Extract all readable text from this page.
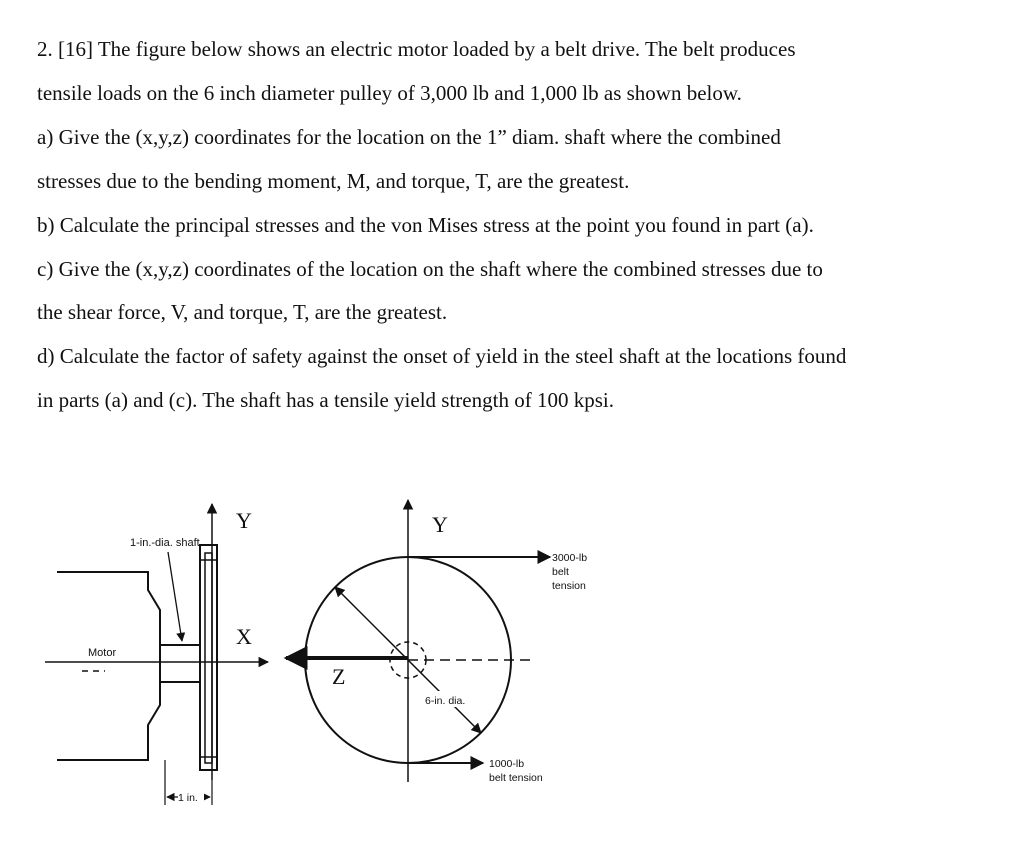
2. [16] The figure below shows an electric motor loaded by a belt drive. The belt produces

tensile loads on the 6 inch diameter pulley of 3,000 lb and 1,000 lb as shown below.

a) Give the (x,y,z) coordinates for the location on the 1” diam. shaft where the combined

stresses due to the bending moment, M, and torque, T, are the greatest.

b) Calculate the principal stresses and the von Mises stress at the point you found in part (a).

c) Give the (x,y,z) coordinates of the location on the shaft where the combined stresses due to

the shear force, V, and torque, T, are the greatest.

d) Calculate the factor of safety against the onset of yield in the steel shaft at the locations found

in parts (a) and (c). The shaft has a tensile yield strength of 100 kpsi.

1-in.-dia. shaft
Motor
Y
X
1 in.
Y
Z
3000-lb
belt
tension
6-in. dia.
1000-lb
belt tension
